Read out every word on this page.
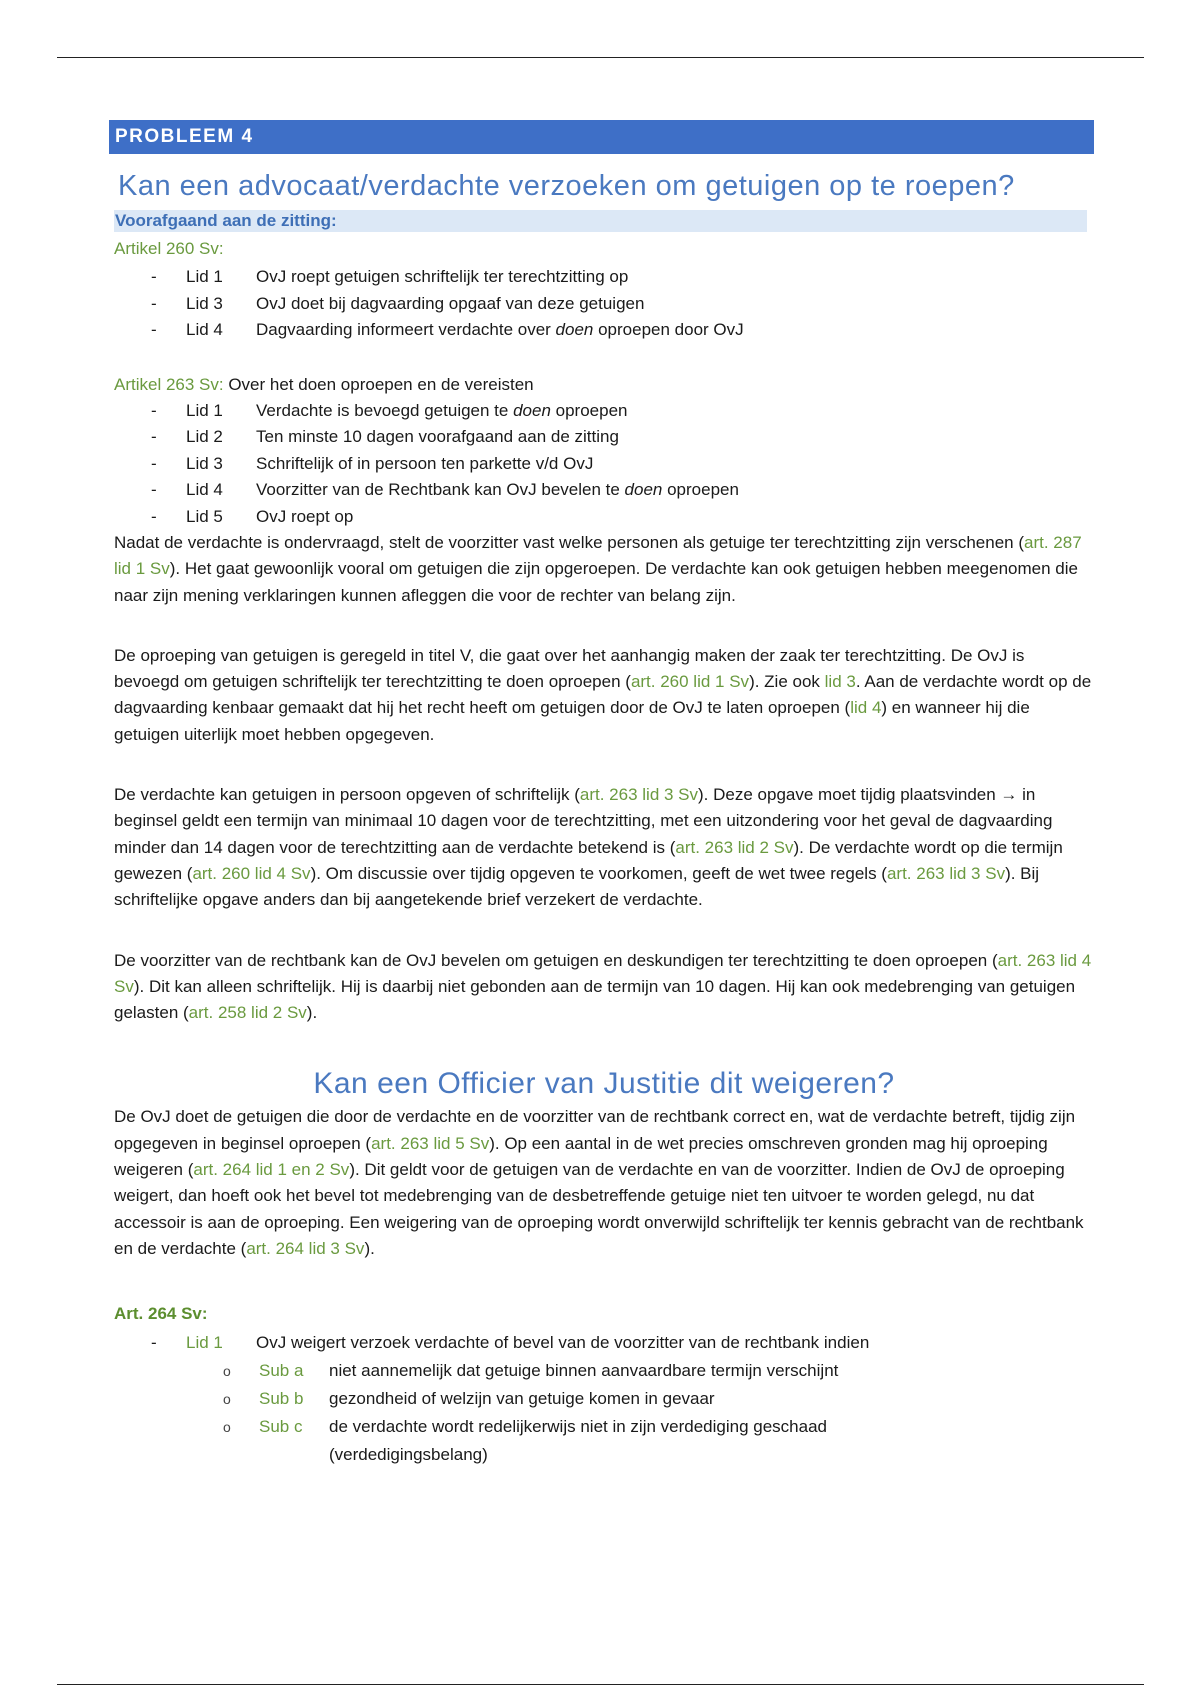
PROBLEEM 4
Kan een advocaat/verdachte verzoeken om getuigen op te roepen?
Voorafgaand aan de zitting:
Artikel 260 Sv:
- Lid 1 OvJ roept getuigen schriftelijk ter terechtzitting op
- Lid 3 OvJ doet bij dagvaarding opgaaf van deze getuigen
- Lid 4 Dagvaarding informeert verdachte over doen oproepen door OvJ
Artikel 263 Sv: Over het doen oproepen en de vereisten
- Lid 1 Verdachte is bevoegd getuigen te doen oproepen
- Lid 2 Ten minste 10 dagen voorafgaand aan de zitting
- Lid 3 Schriftelijk of in persoon ten parkette v/d OvJ
- Lid 4 Voorzitter van de Rechtbank kan OvJ bevelen te doen oproepen
- Lid 5 OvJ roept op

Nadat de verdachte is ondervraagd, stelt de voorzitter vast welke personen als getuige ter terechtzitting zijn verschenen (art. 287 lid 1 Sv). Het gaat gewoonlijk vooral om getuigen die zijn opgeroepen. De verdachte kan ook getuigen hebben meegenomen die naar zijn mening verklaringen kunnen afleggen die voor de rechter van belang zijn.

De oproeping van getuigen is geregeld in titel V, die gaat over het aanhangig maken der zaak ter terechtzitting. De OvJ is bevoegd om getuigen schriftelijk ter terechtzitting te doen oproepen (art. 260 lid 1 Sv). Zie ook lid 3. Aan de verdachte wordt op de dagvaarding kenbaar gemaakt dat hij het recht heeft om getuigen door de OvJ te laten oproepen (lid 4) en wanneer hij die getuigen uiterlijk moet hebben opgegeven.

De verdachte kan getuigen in persoon opgeven of schriftelijk (art. 263 lid 3 Sv). Deze opgave moet tijdig plaatsvinden → in beginsel geldt een termijn van minimaal 10 dagen voor de terechtzitting, met een uitzondering voor het geval de dagvaarding minder dan 14 dagen voor de terechtzitting aan de verdachte betekend is (art. 263 lid 2 Sv). De verdachte wordt op die termijn gewezen (art. 260 lid 4 Sv). Om discussie over tijdig opgeven te voorkomen, geeft de wet twee regels (art. 263 lid 3 Sv). Bij schriftelijke opgave anders dan bij aangetekende brief verzekert de verdachte.

De voorzitter van de rechtbank kan de OvJ bevelen om getuigen en deskundigen ter terechtzitting te doen oproepen (art. 263 lid 4 Sv). Dit kan alleen schriftelijk. Hij is daarbij niet gebonden aan de termijn van 10 dagen. Hij kan ook medebrenging van getuigen gelasten (art. 258 lid 2 Sv).

Kan een Officier van Justitie dit weigeren?

De OvJ doet de getuigen die door de verdachte en de voorzitter van de rechtbank correct en, wat de verdachte betreft, tijdig zijn opgegeven in beginsel oproepen (art. 263 lid 5 Sv). Op een aantal in de wet precies omschreven gronden mag hij oproeping weigeren (art. 264 lid 1 en 2 Sv). Dit geldt voor de getuigen van de verdachte en van de voorzitter. Indien de OvJ de oproeping weigert, dan hoeft ook het bevel tot medebrenging van de desbetreffende getuige niet ten uitvoer te worden gelegd, nu dat accessoir is aan de oproeping. Een weigering van de oproeping wordt onverwijld schriftelijk ter kennis gebracht van de rechtbank en de verdachte (art. 264 lid 3 Sv).

Art. 264 Sv:
- Lid 1 OvJ weigert verzoek verdachte of bevel van de voorzitter van de rechtbank indien
o Sub a niet aannemelijk dat getuige binnen aanvaardbare termijn verschijnt
o Sub b gezondheid of welzijn van getuige komen in gevaar
o Sub c de verdachte wordt redelijkerwijs niet in zijn verdediging geschaad
(verdedigingsbelang)
